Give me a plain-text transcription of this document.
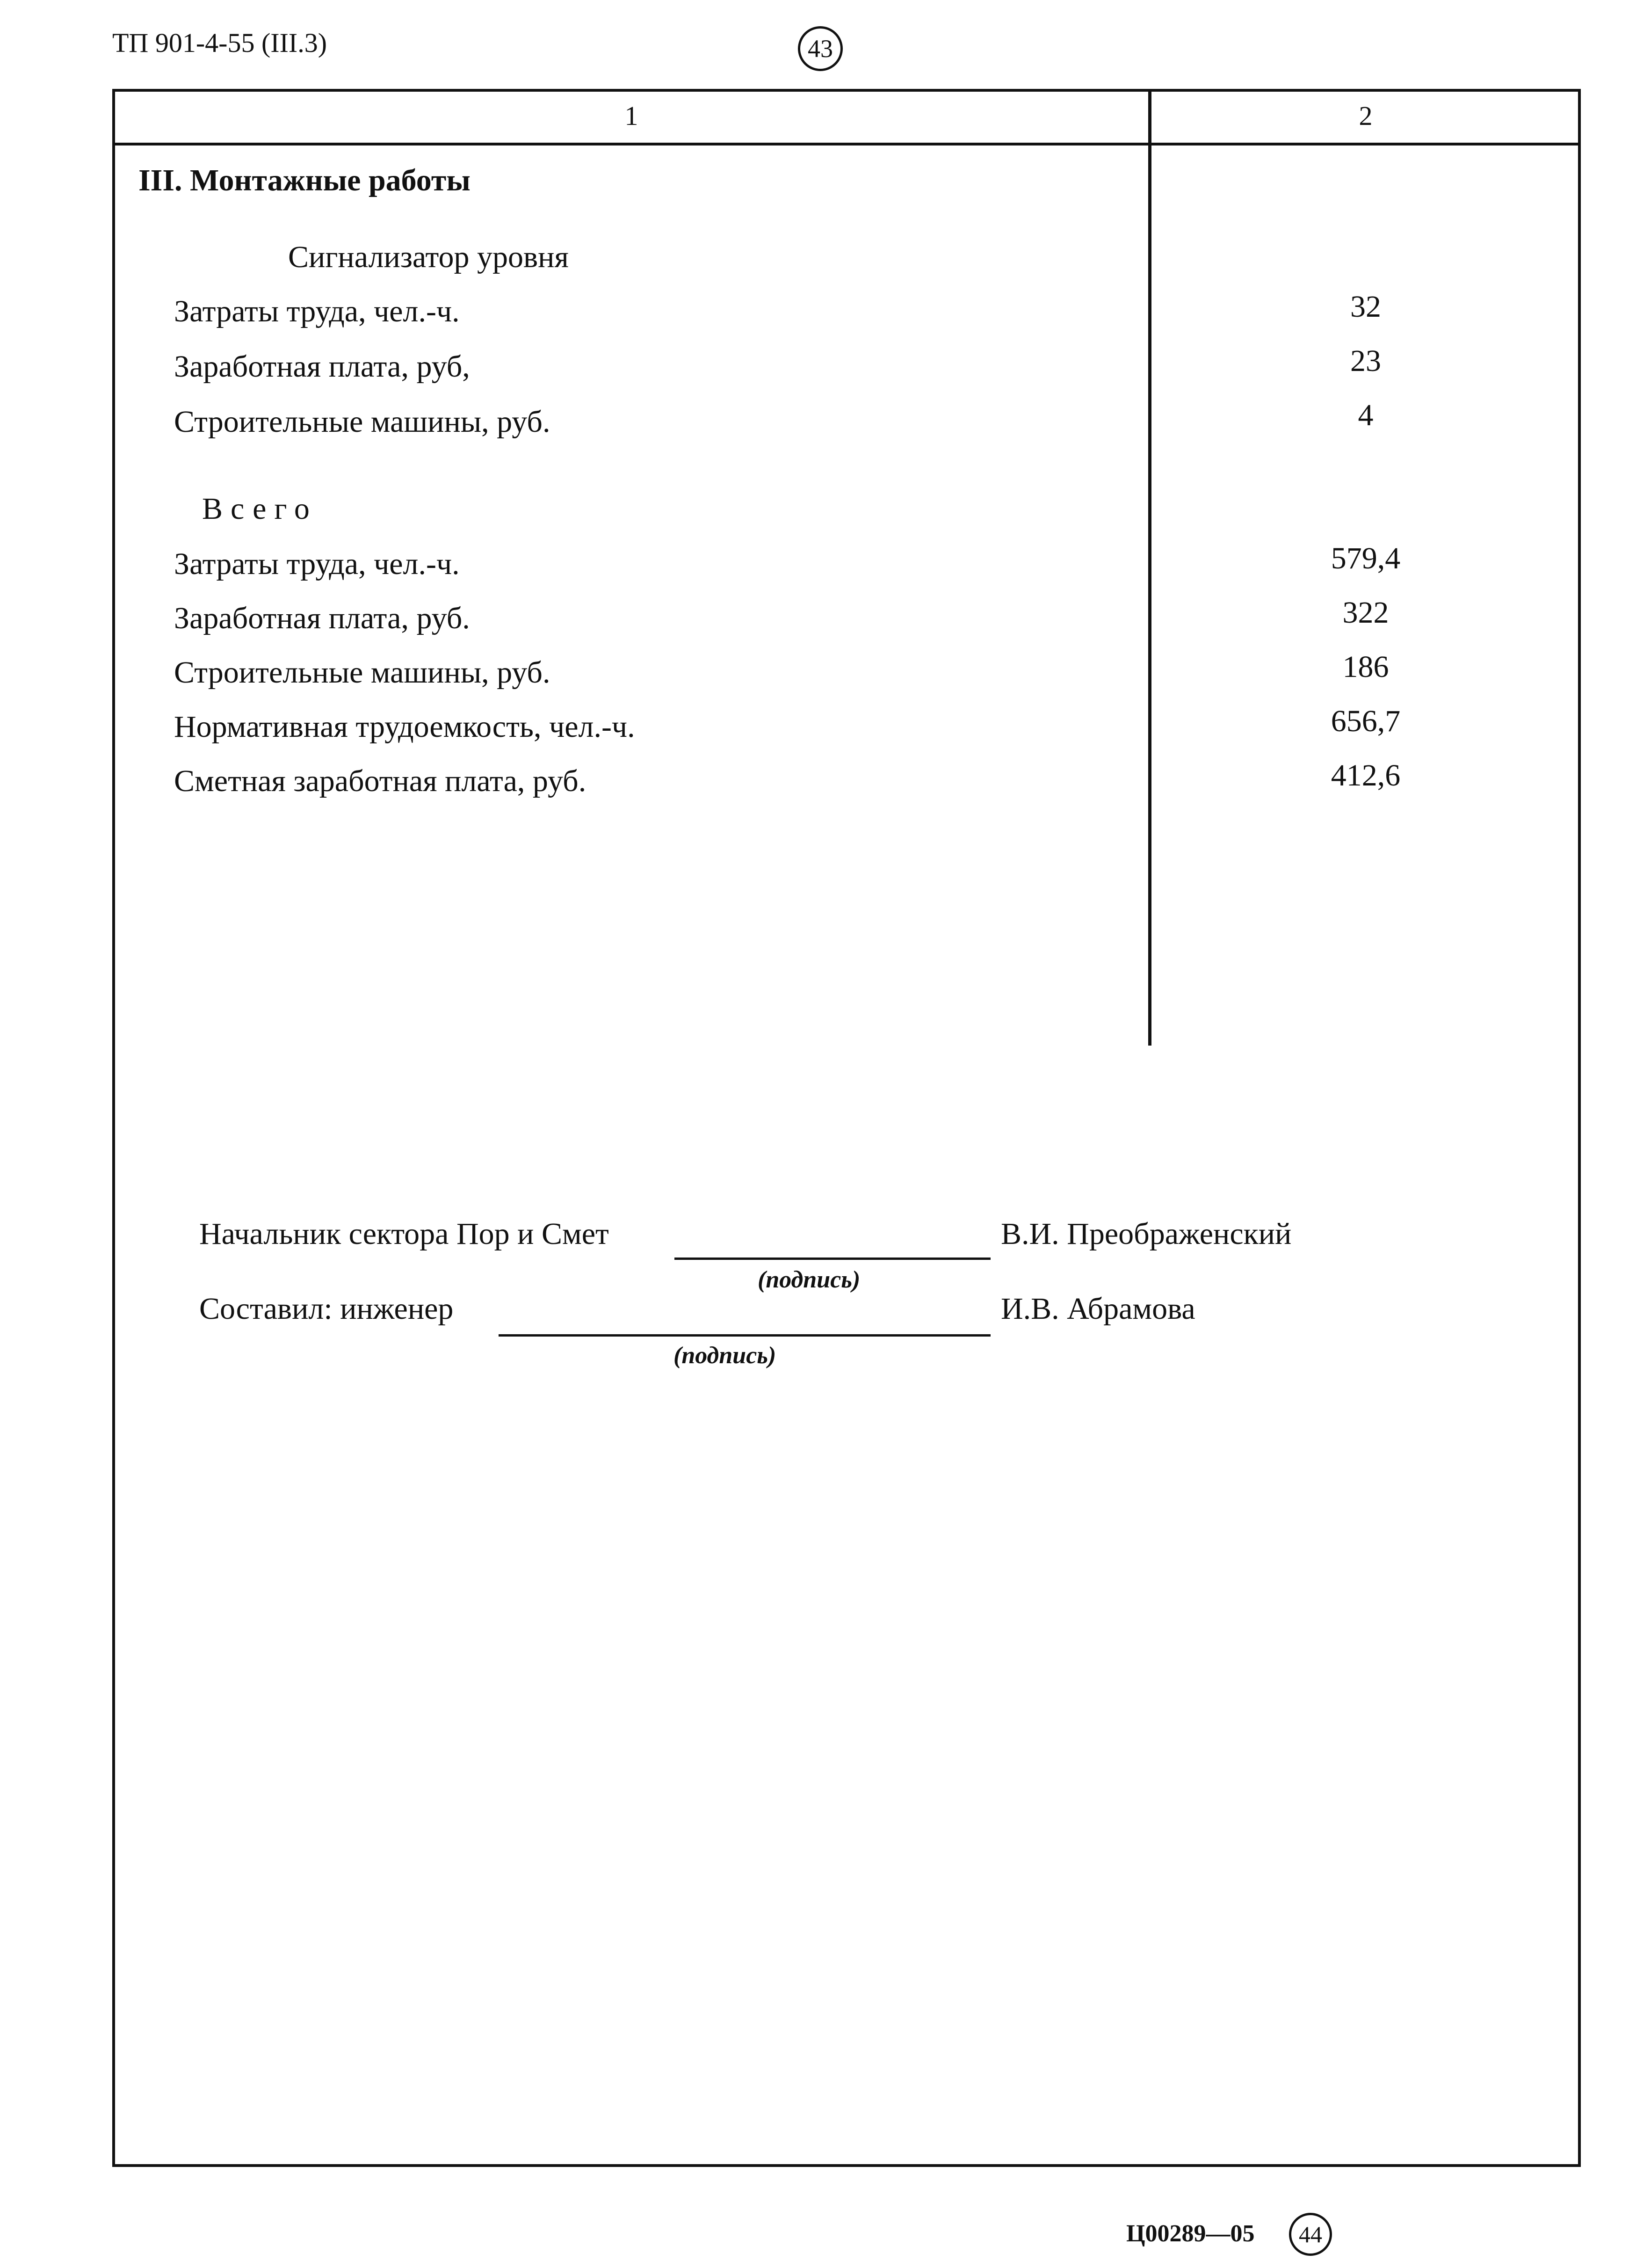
ТП 901-4-55 (III.3)	43
1	2
III. Монтажные работы
Сигнализатор уровня
Затраты труда, чел.-ч.	32
Заработная плата, руб,	23
Строительные машины, руб.	4
Всего
Затраты труда, чел.-ч.	579,4
Заработная плата, руб.	322
Строительные машины, руб.	186
Нормативная трудоемкость, чел.-ч.	656,7
Сметная заработная плата, руб.	412,6
Начальник сектора Пор и Смет
(подпись)
В.И. Преображенский
Составил: инженер
(подпись)
И.В. Абрамова
Ц00289—05	44
